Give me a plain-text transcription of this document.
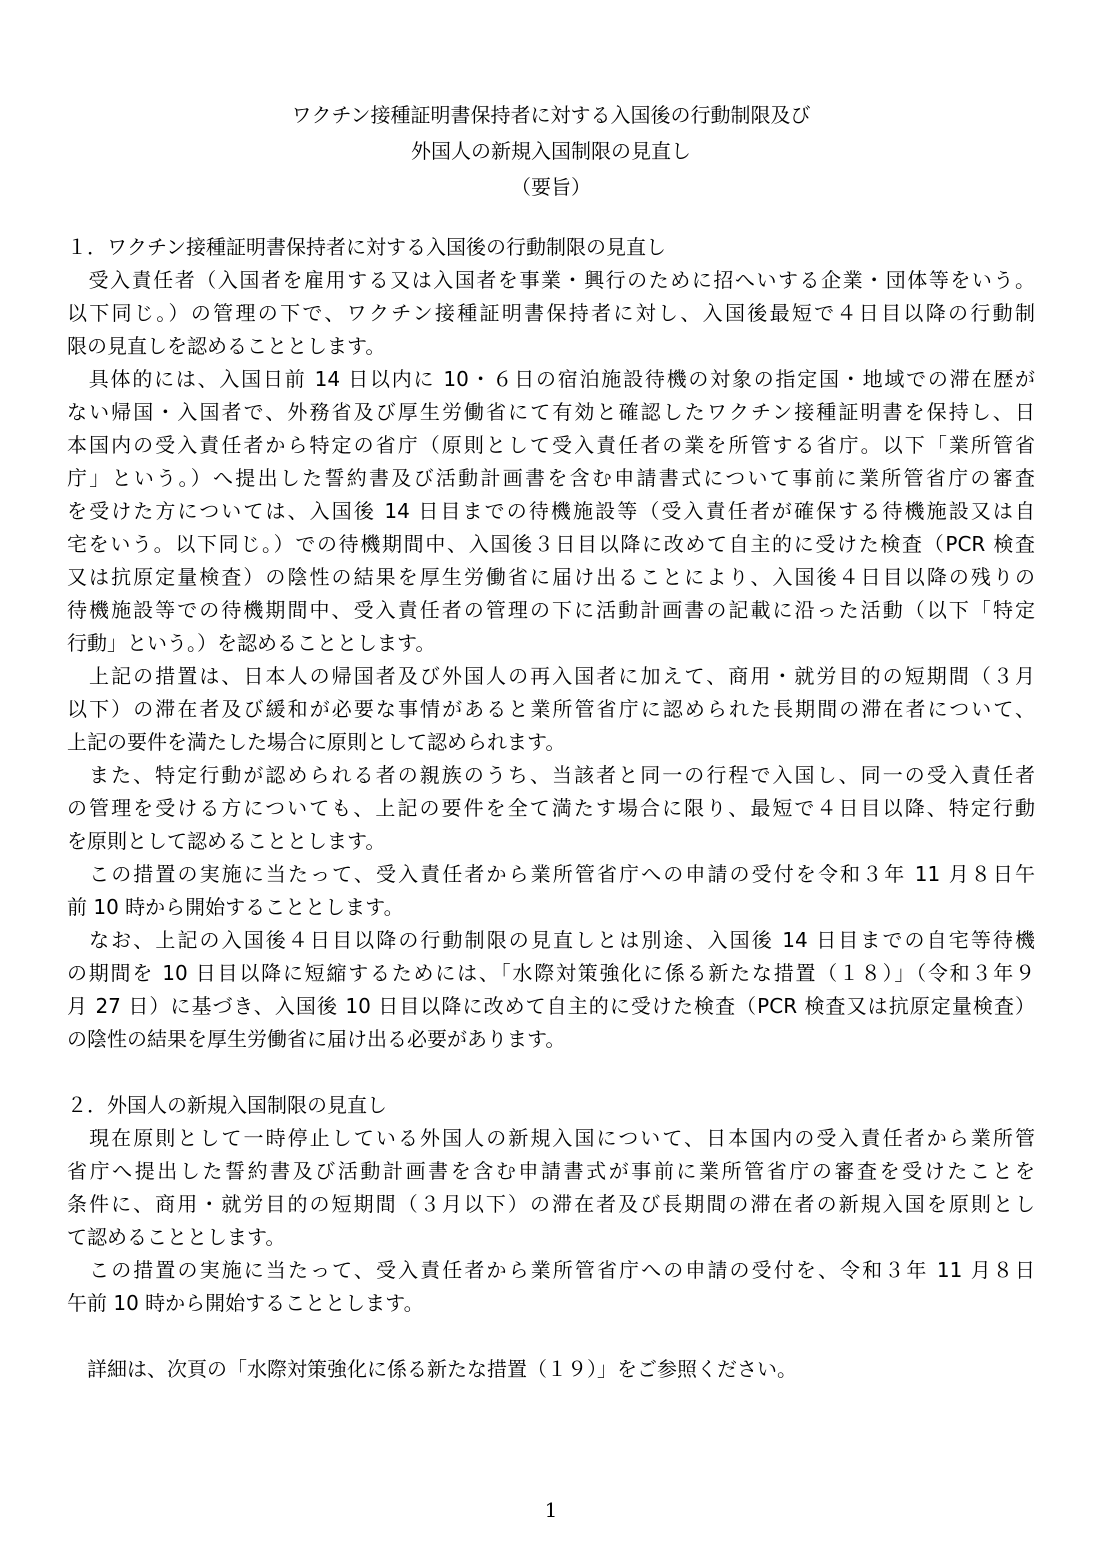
ワクチン接種証明書保持者に対する入国後の行動制限及び
外国人の新規入国制限の見直し
（要旨）
１．ワクチン接種証明書保持者に対する入国後の行動制限の見直し
　受入責任者（入国者を雇用する又は入国者を事業・興行のために招へいする企業・団体等をいう。
以下同じ。）の管理の下で、ワクチン接種証明書保持者に対し、入国後最短で４日目以降の行動制
限の見直しを認めることとします。
　具体的には、入国日前 14 日以内に 10・６日の宿泊施設待機の対象の指定国・地域での滞在歴が
ない帰国・入国者で、外務省及び厚生労働省にて有効と確認したワクチン接種証明書を保持し、日
本国内の受入責任者から特定の省庁（原則として受入責任者の業を所管する省庁。以下「業所管省
庁」という。）へ提出した誓約書及び活動計画書を含む申請書式について事前に業所管省庁の審査
を受けた方については、入国後 14 日目までの待機施設等（受入責任者が確保する待機施設又は自
宅をいう。以下同じ。）での待機期間中、入国後３日目以降に改めて自主的に受けた検査（PCR 検査
又は抗原定量検査）の陰性の結果を厚生労働省に届け出ることにより、入国後４日目以降の残りの
待機施設等での待機期間中、受入責任者の管理の下に活動計画書の記載に沿った活動（以下「特定
行動」という。）を認めることとします。
　上記の措置は、日本人の帰国者及び外国人の再入国者に加えて、商用・就労目的の短期間（３月
以下）の滞在者及び緩和が必要な事情があると業所管省庁に認められた長期間の滞在者について、
上記の要件を満たした場合に原則として認められます。
　また、特定行動が認められる者の親族のうち、当該者と同一の行程で入国し、同一の受入責任者
の管理を受ける方についても、上記の要件を全て満たす場合に限り、最短で４日目以降、特定行動
を原則として認めることとします。
　この措置の実施に当たって、受入責任者から業所管省庁への申請の受付を令和３年 11 月８日午
前 10 時から開始することとします。
　なお、上記の入国後４日目以降の行動制限の見直しとは別途、入国後 14 日目までの自宅等待機
の期間を 10 日目以降に短縮するためには、「水際対策強化に係る新たな措置（１８）」（令和３年９
月 27 日）に基づき、入国後 10 日目以降に改めて自主的に受けた検査（PCR 検査又は抗原定量検査）
の陰性の結果を厚生労働省に届け出る必要があります。
２．外国人の新規入国制限の見直し
　現在原則として一時停止している外国人の新規入国について、日本国内の受入責任者から業所管
省庁へ提出した誓約書及び活動計画書を含む申請書式が事前に業所管省庁の審査を受けたことを
条件に、商用・就労目的の短期間（３月以下）の滞在者及び長期間の滞在者の新規入国を原則とし
て認めることとします。
　この措置の実施に当たって、受入責任者から業所管省庁への申請の受付を、令和３年 11 月８日
午前 10 時から開始することとします。
　詳細は、次頁の「水際対策強化に係る新たな措置（１９）」をご参照ください。
1
